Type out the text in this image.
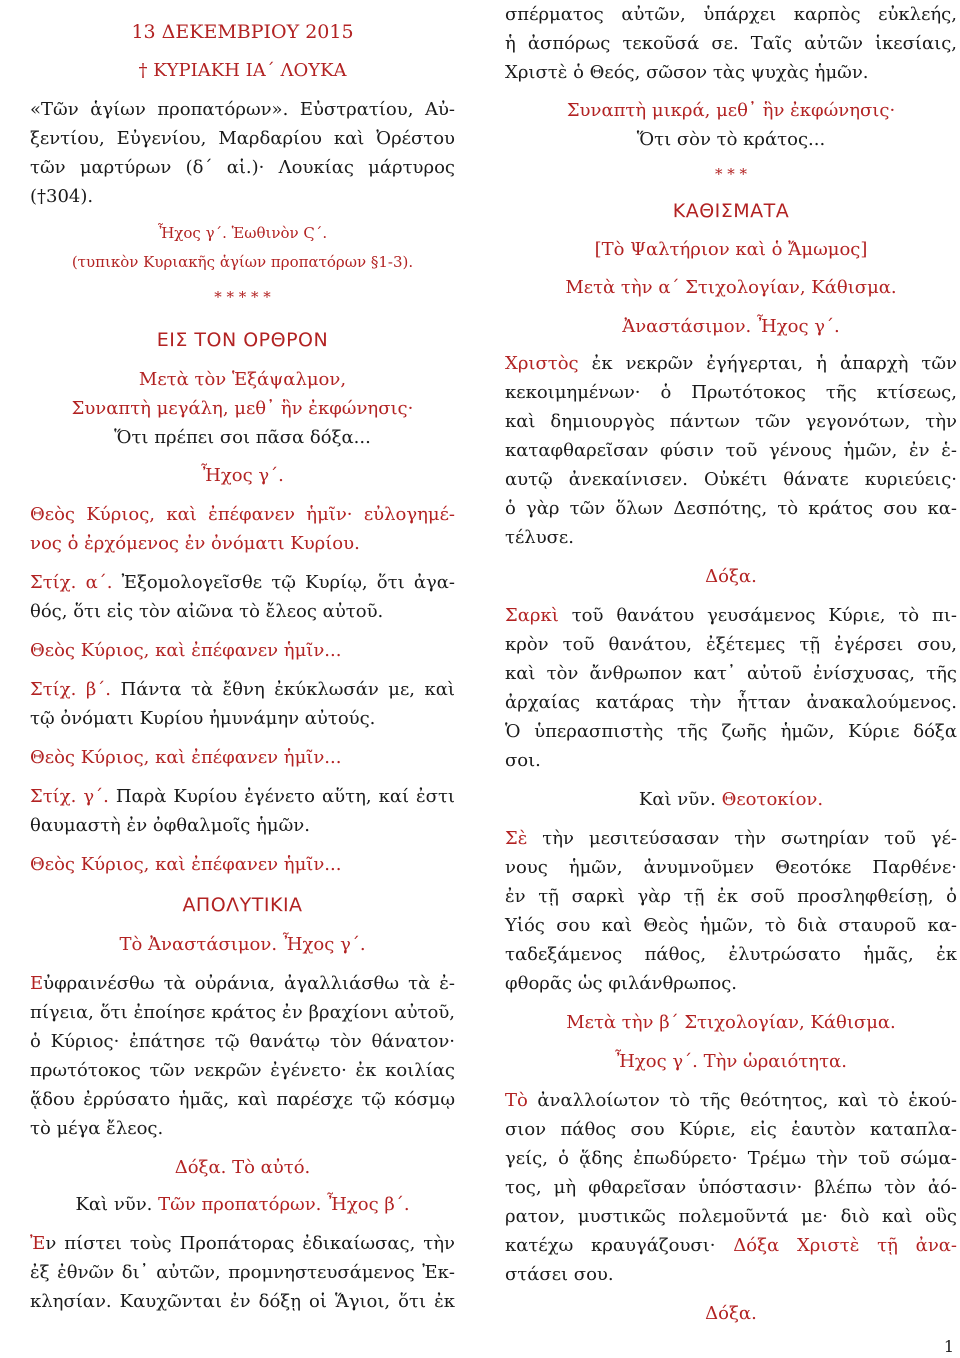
13 ΔΕΚΕΜΒΡΙΟΥ 2015

† ΚΥΡΙΑΚΗ ΙΑ΄ ΛΟΥΚΑ

«Τῶν ἁγίων προπατόρων». Εὐστρατίου, Αὐ-

ξεντίου, Εὐγενίου, Μαρδαρίου καὶ Ὀρέστου

τῶν μαρτύρων (δ΄ αἱ.)· Λουκίας μάρτυρος

(†304).

Ἦχος γ΄. Ἑωθινὸν Ϛ΄.

(τυπικὸν Κυριακῆς ἁγίων προπατόρων §1-3).

* * * * *

ΕΙΣ ΤΟΝ ΟΡΘΡΟΝ

Μετὰ τὸν Ἑξάψαλμον,

Συναπτὴ μεγάλη, μεθ᾿ ἣν ἐκφώνησις·

Ὅτι πρέπει σοι πᾶσα δόξα...

Ἦχος γ΄.

Θεὸς Κύριος, καὶ ἐπέφανεν ἡμῖν· εὐλογημέ-

νος ὁ ἐρχόμενος ἐν ὀνόματι Κυρίου.

Στίχ. α΄. Ἐξομολογεῖσθε τῷ Κυρίῳ, ὅτι ἀγα-

θός, ὅτι εἰς τὸν αἰῶνα τὸ ἔλεος αὐτοῦ.

Θεὸς Κύριος, καὶ ἐπέφανεν ἡμῖν...

Στίχ. β΄. Πάντα τὰ ἔθνη ἐκύκλωσάν με, καὶ

τῷ ὀνόματι Κυρίου ἠμυνάμην αὐτούς.

Θεὸς Κύριος, καὶ ἐπέφανεν ἡμῖν...

Στίχ. γ΄. Παρὰ Κυρίου ἐγένετο αὕτη, καί ἐστι

θαυμαστὴ ἐν ὀφθαλμοῖς ἡμῶν.

Θεὸς Κύριος, καὶ ἐπέφανεν ἡμῖν...

ΑΠΟΛΥΤΙΚΙΑ

Τὸ Ἀναστάσιμον. Ἦχος γ΄.

Εὐφραινέσθω τὰ οὐράνια, ἀγαλλιάσθω τὰ ἐ-

πίγεια, ὅτι ἐποίησε κράτος ἐν βραχίονι αὐτοῦ,

ὁ Κύριος· ἐπάτησε τῷ θανάτῳ τὸν θάνατον·

πρωτότοκος τῶν νεκρῶν ἐγένετο· ἐκ κοιλίας

ᾅδου ἐρρύσατο ἡμᾶς, καὶ παρέσχε τῷ κόσμῳ

τὸ μέγα ἔλεος.

Δόξα. Τὸ αὐτό.

Καὶ νῦν. Τῶν προπατόρων. Ἦχος β΄.

Ἐν πίστει τοὺς Προπάτορας ἐδικαίωσας, τὴν

ἐξ ἐθνῶν δι᾿ αὐτῶν, προμνηστευσάμενος Ἐκ-

κλησίαν. Καυχῶνται ἐν δόξῃ οἱ Ἅγιοι, ὅτι ἐκ

σπέρματος αὐτῶν, ὑπάρχει καρπὸς εὐκλεής,

ἡ ἀσπόρως τεκοῦσά σε. Ταῖς αὐτῶν ἱκεσίαις,

Χριστὲ ὁ Θεός, σῶσον τὰς ψυχὰς ἡμῶν.

Συναπτὴ μικρά, μεθ᾿ ἣν ἐκφώνησις·

Ὅτι σὸν τὸ κράτος...

* * *

ΚΑΘΙΣΜΑΤΑ

[Τὸ Ψαλτήριον καὶ ὁ Ἄμωμος]

Μετὰ τὴν α΄ Στιχολογίαν, Κάθισμα.

Ἀναστάσιμον. Ἦχος γ΄.

Χριστὸς ἐκ νεκρῶν ἐγήγερται, ἡ ἀπαρχὴ τῶν

κεκοιμημένων· ὁ Πρωτότοκος τῆς κτίσεως,

καὶ δημιουργὸς πάντων τῶν γεγονότων, τὴν

καταφθαρεῖσαν φύσιν τοῦ γένους ἡμῶν, ἐν ἑ-

αυτῷ ἀνεκαίνισεν. Οὐκέτι θάνατε κυριεύεις·

ὁ γὰρ τῶν ὅλων Δεσπότης, τὸ κράτος σου κα-

τέλυσε.

Δόξα.

Σαρκὶ τοῦ θανάτου γευσάμενος Κύριε, τὸ πι-

κρὸν τοῦ θανάτου, ἐξέτεμες τῇ ἐγέρσει σου,

καὶ τὸν ἄνθρωπον κατ᾿ αὐτοῦ ἐνίσχυσας, τῆς

ἀρχαίας κατάρας τὴν ἧτταν ἀνακαλούμενος.

Ὁ ὑπερασπιστὴς τῆς ζωῆς ἡμῶν, Κύριε δόξα

σοι.

Καὶ νῦν. Θεοτοκίον.

Σὲ τὴν μεσιτεύσασαν τὴν σωτηρίαν τοῦ γέ-

νους ἡμῶν, ἀνυμνοῦμεν Θεοτόκε Παρθένε·

ἐν τῇ σαρκὶ γὰρ τῇ ἐκ σοῦ προσληφθείσῃ, ὁ

Υἱός σου καὶ Θεὸς ἡμῶν, τὸ διὰ σταυροῦ κα-

ταδεξάμενος πάθος, ἐλυτρώσατο ἡμᾶς, ἐκ

φθορᾶς ὡς φιλάνθρωπος.

Μετὰ τὴν β΄ Στιχολογίαν, Κάθισμα.

Ἦχος γ΄. Τὴν ὡραιότητα.

Τὸ ἀναλλοίωτον τὸ τῆς θεότητος, καὶ τὸ ἑκού-

σιον πάθος σου Κύριε, εἰς ἑαυτὸν καταπλα-

γείς, ὁ ᾅδης ἐπωδύρετο· Τρέμω τὴν τοῦ σώμα-

τος, μὴ φθαρεῖσαν ὑπόστασιν· βλέπω τὸν ἀό-

ρατον, μυστικῶς πολεμοῦντά με· διὸ καὶ οὓς

κατέχω κραυγάζουσι· Δόξα Χριστὲ τῇ ἀνα-

στάσει σου.

Δόξα.

1
